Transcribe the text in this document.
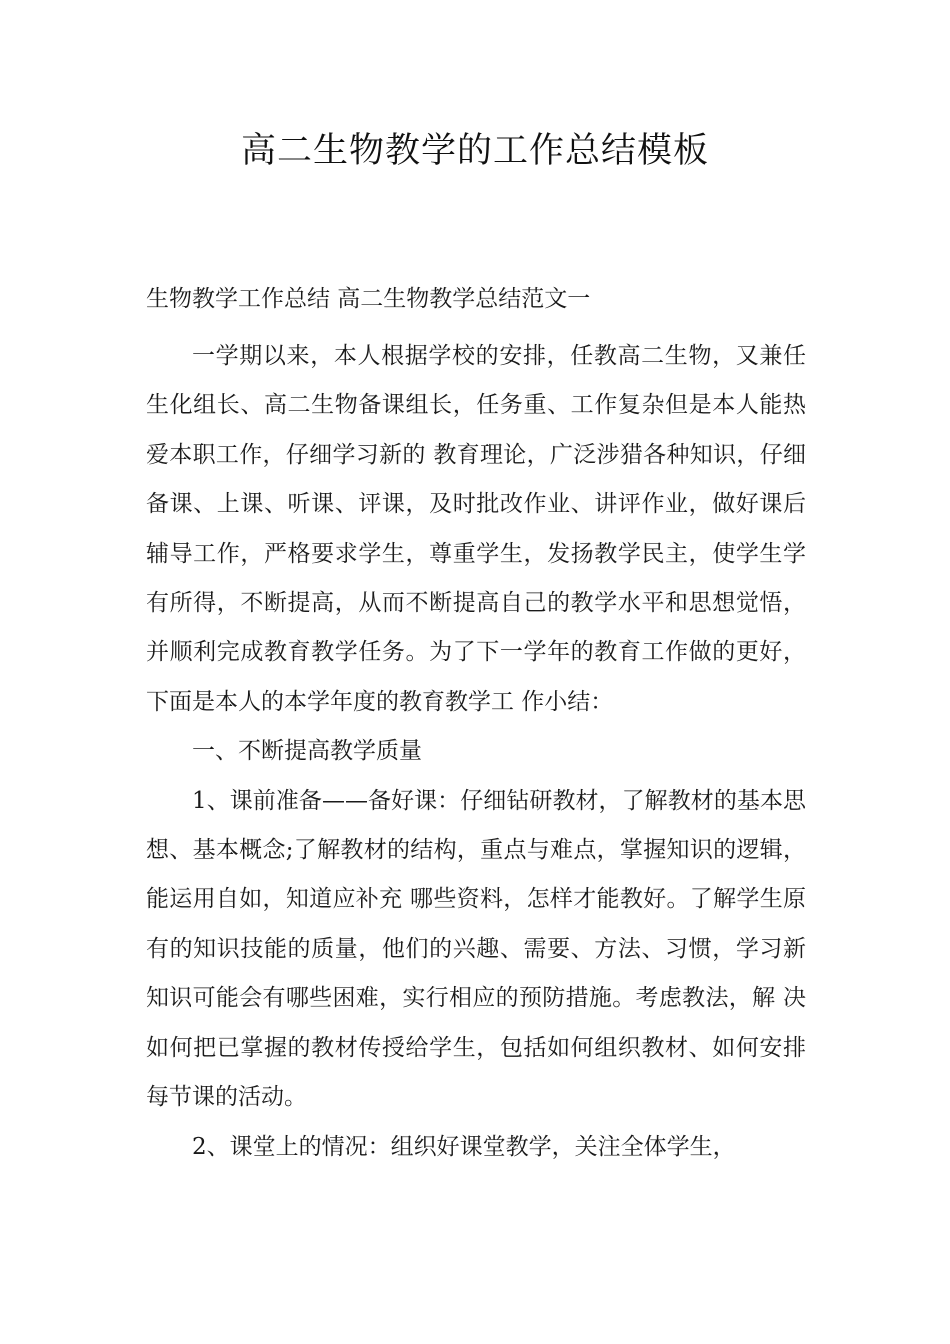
高二生物教学的工作总结模板

生物教学工作总结 高二生物教学总结范文一

一学期以来，本人根据学校的安排，任教高二生物，又兼任生化组长、高二生物备课组长，任务重、工作复杂但是本人能热爱本职工作，仔细学习新的 教育理论，广泛涉猎各种知识，仔细备课、上课、听课、评课，及时批改作业、讲评作业，做好课后辅导工作，严格要求学生，尊重学生，发扬教学民主，使学生学 有所得，不断提高，从而不断提高自己的教学水平和思想觉悟，并顺利完成教育教学任务。为了下一学年的教育工作做的更好，下面是本人的本学年度的教育教学工 作小结：

一、不断提高教学质量

1、课前准备——备好课：仔细钻研教材，了解教材的基本思想、基本概念;了解教材的结构，重点与难点，掌握知识的逻辑，能运用自如，知道应补充 哪些资料，怎样才能教好。了解学生原有的知识技能的质量，他们的兴趣、需要、方法、习惯，学习新知识可能会有哪些困难，实行相应的预防措施。考虑教法，解 决如何把已掌握的教材传授给学生，包括如何组织教材、如何安排每节课的活动。

2、课堂上的情况：组织好课堂教学，关注全体学生，
